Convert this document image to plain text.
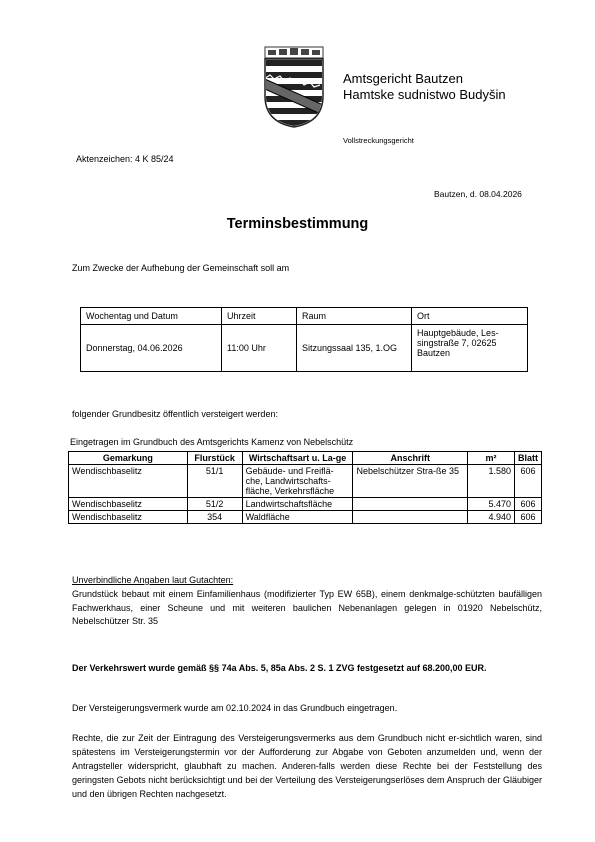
Amtsgericht Bautzen
Hamtske sudnistwo Budyšin
Vollstreckungsgericht
Aktenzeichen: 4 K 85/24
Bautzen, d. 08.04.2026
Terminsbestimmung
Zum Zwecke der Aufhebung der Gemeinschaft soll am
Wochentag und Datum	Uhrzeit	Raum	Ort
Donnerstag, 04.06.2026	11:00 Uhr	Sitzungssaal 135, 1.OG	Hauptgebäude, Les-singstraße 7, 02625 Bautzen
folgender Grundbesitz öffentlich versteigert werden:
Eingetragen im Grundbuch des Amtsgerichts Kamenz von Nebelschütz
Gemarkung	Flurstück	Wirtschaftsart u. La-ge	Anschrift	m²	Blatt
Wendischbaselitz	51/1	Gebäude- und Freiflä-che, Landwirtschafts-fläche, Verkehrsfläche	Nebelschützer Stra-ße 35	1.580	606
Wendischbaselitz	51/2	Landwirtschaftsfläche		5.470	606
Wendischbaselitz	354	Waldfläche		4.940	606
Unverbindliche Angaben laut Gutachten:
Grundstück bebaut mit einem Einfamilienhaus (modifizierter Typ EW 65B), einem denkmalge-schützten baufälligen Fachwerkhaus, einer Scheune und mit weiteren baulichen Nebenanlagen gelegen in 01920 Nebelschütz, Nebelschützer Str. 35
Der Verkehrswert wurde gemäß §§ 74a Abs. 5, 85a Abs. 2 S. 1 ZVG festgesetzt auf 68.200,00 EUR.
Der Versteigerungsvermerk wurde am 02.10.2024 in das Grundbuch eingetragen.
Rechte, die zur Zeit der Eintragung des Versteigerungsvermerks aus dem Grundbuch nicht er-sichtlich waren, sind spätestens im Versteigerungstermin vor der Aufforderung zur Abgabe von Geboten anzumelden und, wenn der Antragsteller widerspricht, glaubhaft zu machen. Anderen-falls werden diese Rechte bei der Feststellung des geringsten Gebots nicht berücksichtigt und bei der Verteilung des Versteigerungserlöses dem Anspruch der Gläubiger und den übrigen Rechten nachgesetzt.
